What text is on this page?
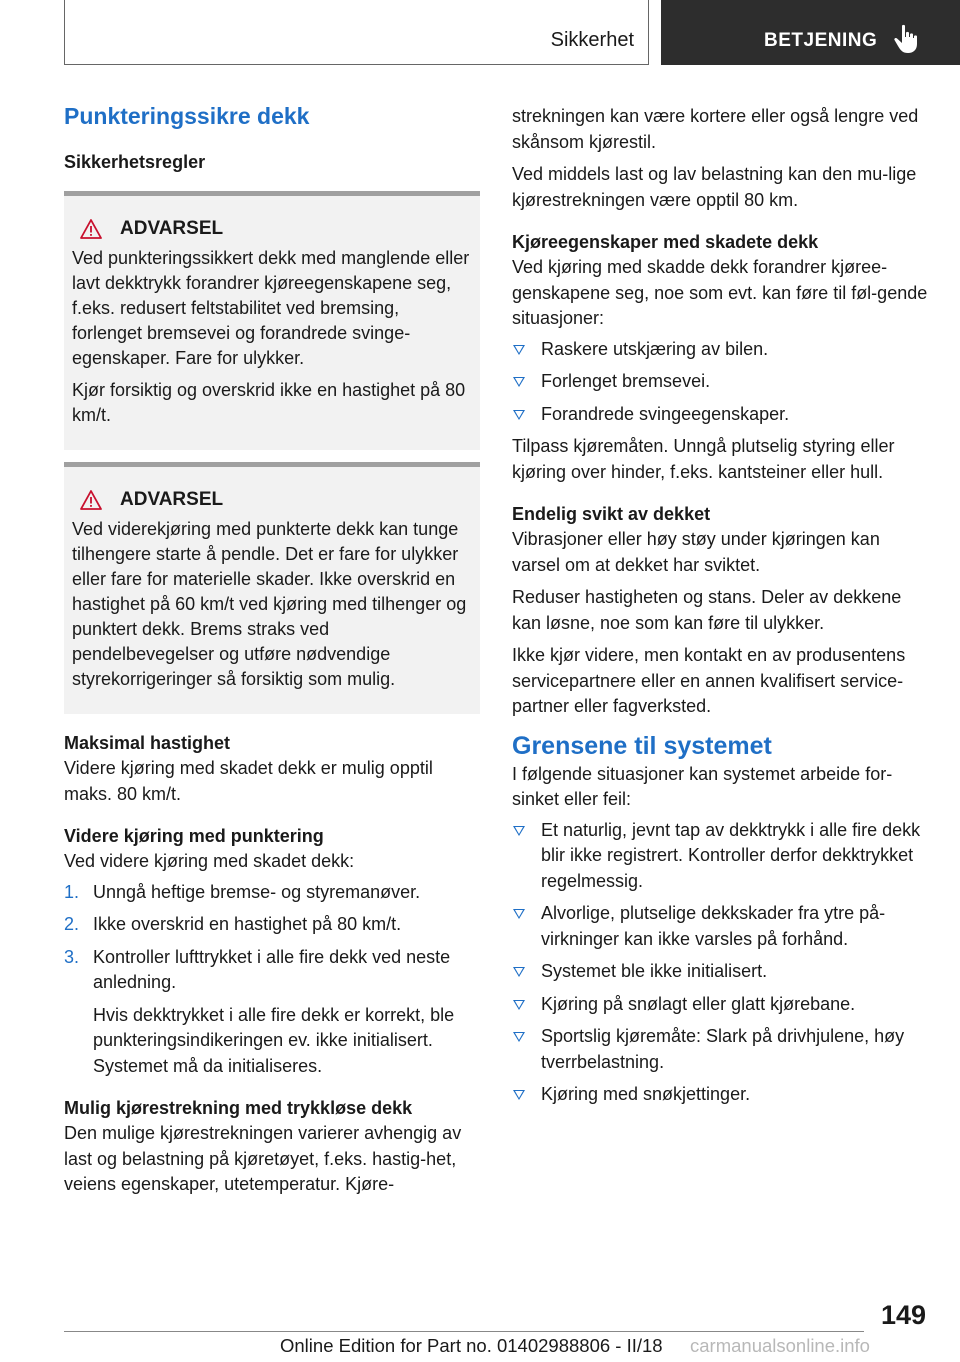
Sikkerhet	BETJENING
Punkteringssikre dekk
Sikkerhetsregler
ADVARSEL

Ved punkteringssikkert dekk med manglende eller lavt dekktrykk forandrer kjøreegenskapene seg, f.eks. redusert feltstabilitet ved bremsing, forlenget bremsevei og forandrede svinge-egenskaper. Fare for ulykker.

Kjør forsiktig og overskrid ikke en hastighet på 80 km/t.

ADVARSEL

Ved viderekjøring med punkterte dekk kan tunge tilhengere starte å pendle. Det er fare for ulykker eller fare for materielle skader. Ikke overskrid en hastighet på 60 km/t ved kjøring med tilhenger og punktert dekk. Brems straks ved pendelbevegelser og utføre nødvendige styrekorrigeringer så forsiktig som mulig.

Maksimal hastighet

Videre kjøring med skadet dekk er mulig opptil maks. 80 km/t.

Videre kjøring med punktering

Ved videre kjøring med skadet dekk:

1. Unngå heftige bremse- og styremanøver.
2. Ikke overskrid en hastighet på 80 km/t.
3. Kontroller lufttrykket i alle fire dekk ved neste anledning.

Hvis dekktrykket i alle fire dekk er korrekt, ble punkteringsindikeringen ev. ikke initialisert. Systemet må da initialiseres.

Mulig kjørestrekning med trykkløse dekk

Den mulige kjørestrekningen varierer avhengig av last og belastning på kjøretøyet, f.eks. hastig-het, veiens egenskaper, utetemperatur. Kjøre-

strekningen kan være kortere eller også lengre ved skånsom kjørestil.

Ved middels last og lav belastning kan den mu-lige kjørestrekningen være opptil 80 km.

Kjøreegenskaper med skadete dekk

Ved kjøring med skadde dekk forandrer kjøree-genskapene seg, noe som evt. kan føre til føl-gende situasjoner:

Raskere utskjæring av bilen.
Forlenget bremsevei.
Forandrede svingeegenskaper.

Tilpass kjøremåten. Unngå plutselig styring eller kjøring over hinder, f.eks. kantsteiner eller hull.

Endelig svikt av dekket

Vibrasjoner eller høy støy under kjøringen kan varsel om at dekket har sviktet.

Reduser hastigheten og stans. Deler av dekkene kan løsne, noe som kan føre til ulykker.

Ikke kjør videre, men kontakt en av produsentens servicepartnere eller en annen kvalifisert service-partner eller fagverksted.

Grensene til systemet

I følgende situasjoner kan systemet arbeide for-sinket eller feil:

Et naturlig, jevnt tap av dekktrykk i alle fire dekk blir ikke registrert. Kontroller derfor dekktrykket regelmessig.
Alvorlige, plutselige dekkskader fra ytre på-virkninger kan ikke varsles på forhånd.
Systemet ble ikke initialisert.
Kjøring på snølagt eller glatt kjørebane.
Sportslig kjøremåte: Slark på drivhjulene, høy tverrbelastning.
Kjøring med snøkjettinger.
149
Online Edition for Part no. 01402988806 - II/18 carmanualsonline.info
